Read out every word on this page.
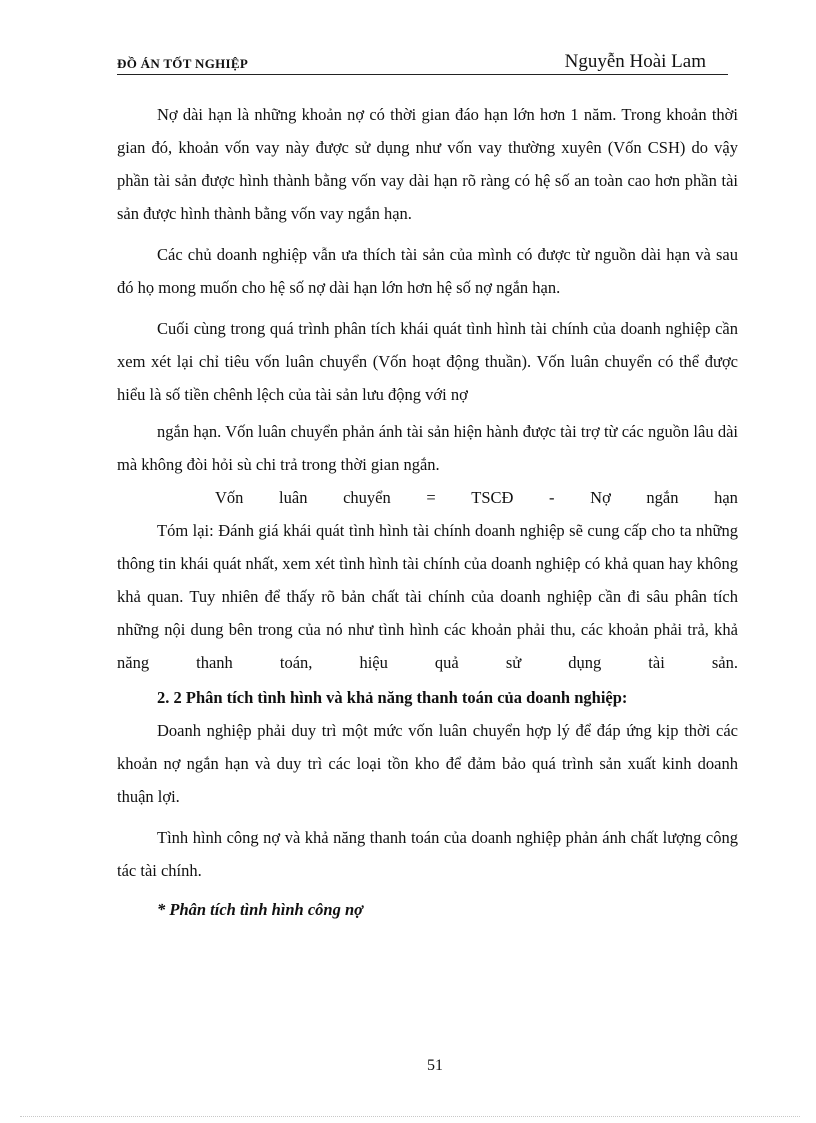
ĐỒ ÁN TỐT NGHIỆP	Nguyễn Hoài Lam

Nợ dài hạn là những khoản nợ có thời gian đáo hạn lớn hơn 1 năm. Trong khoản thời gian đó, khoản vốn vay này được sử dụng như vốn vay thường xuyên (Vốn CSH) do vậy phần tài sản được hình thành bằng vốn vay dài hạn rõ ràng có hệ số an toàn cao hơn phần tài sản được hình thành bằng vốn vay ngắn hạn.

Các chủ doanh nghiệp vẫn ưa thích tài sản của mình có được từ nguồn dài hạn và sau đó họ mong muốn cho hệ số nợ dài hạn lớn hơn hệ số nợ ngắn hạn.

Cuối cùng trong quá trình phân tích khái quát tình hình tài chính của doanh nghiệp cần xem xét lại chỉ tiêu vốn luân chuyển (Vốn hoạt động thuần). Vốn luân chuyển có thể được hiểu là số tiền chênh lệch của tài sản lưu động với nợ

ngắn hạn. Vốn luân chuyển phản ánh tài sản hiện hành được tài trợ từ các nguồn lâu dài mà không đòi hỏi sù chi trả trong thời gian ngắn.

Vốn luân chuyển = TSCĐ - Nợ ngắn hạn

Tóm lại: Đánh giá khái quát tình hình tài chính doanh nghiệp sẽ cung cấp cho ta những thông tin khái quát nhất, xem xét tình hình tài chính của doanh nghiệp có khả quan hay không khả quan. Tuy nhiên để thấy rõ bản chất tài chính của doanh nghiệp cần đi sâu phân tích những nội dung bên trong của nó như tình hình các khoản phải thu, các khoản phải trả, khả năng thanh toán, hiệu quả sử dụng tài sản.

2. 2 Phân tích tình hình và khả năng thanh toán của doanh nghiệp:

Doanh nghiệp phải duy trì một mức vốn luân chuyển hợp lý để đáp ứng kịp thời các khoản nợ ngắn hạn và duy trì các loại tồn kho để đảm bảo quá trình sản xuất kinh doanh thuận lợi.

Tình hình công nợ và khả năng thanh toán của doanh nghiệp phản ánh chất lượng công tác tài chính.

* Phân tích tình hình công nợ

51
